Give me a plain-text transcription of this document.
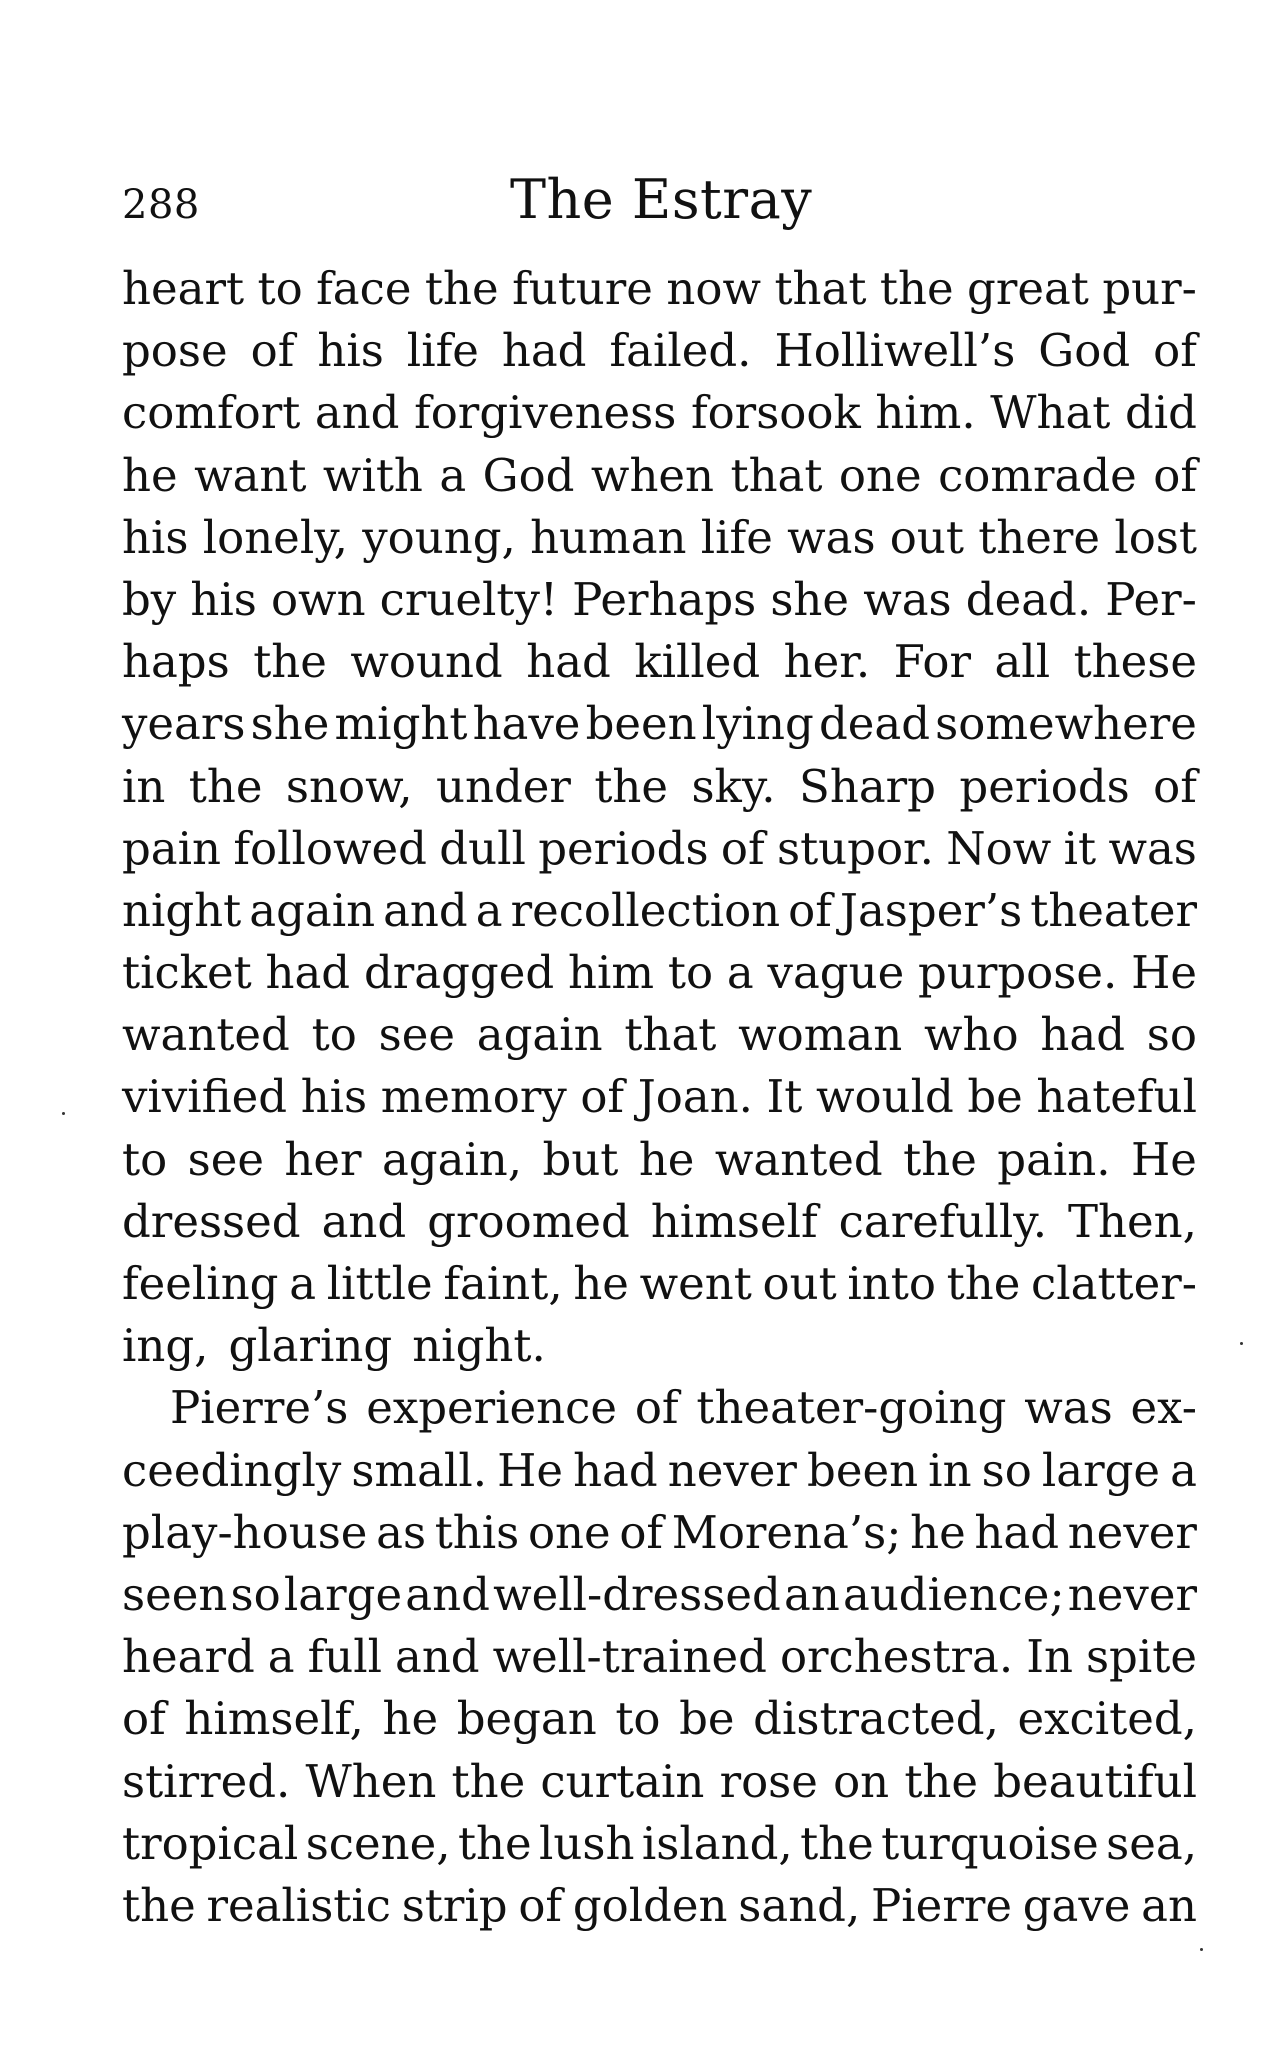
288	The Estray
heart to face the future now that the great pur-
pose of his life had failed. Holliwell’s God of
comfort and forgiveness forsook him. What did
he want with a God when that one comrade of
his lonely, young, human life was out there lost
by his own cruelty! Perhaps she was dead. Per-
haps the wound had killed her. For all these
years she might have been lying dead somewhere
in the snow, under the sky. Sharp periods of
pain followed dull periods of stupor. Now it was
night again and a recollection of Jasper’s theater
ticket had dragged him to a vague purpose. He
wanted to see again that woman who had so
vivified his memory of Joan. It would be hateful
to see her again, but he wanted the pain. He
dressed and groomed himself carefully. Then,
feeling a little faint, he went out into the clatter-
ing, glaring night.
Pierre’s experience of theater-going was ex-
ceedingly small. He had never been in so large a
play-house as this one of Morena’s; he had never
seen so large and well-dressed an audience; never
heard a full and well-trained orchestra. In spite
of himself, he began to be distracted, excited,
stirred. When the curtain rose on the beautiful
tropical scene, the lush island, the turquoise sea,
the realistic strip of golden sand, Pierre gave an
